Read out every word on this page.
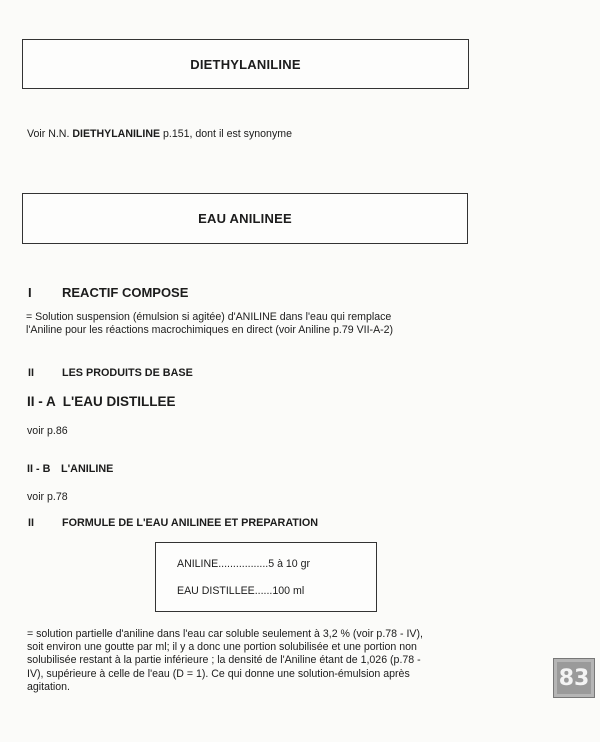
DIETHYLANILINE
Voir N.N. DIETHYLANILINE p.151, dont il est synonyme
EAU ANILINEE
I REACTIF COMPOSE
= Solution suspension (émulsion si agitée) d'ANILINE dans l'eau qui remplace
l'Aniline pour les réactions macrochimiques en direct (voir Aniline p.79 VII-A-2)
II	LES PRODUITS DE BASE
II - A  L'EAU DISTILLEE
voir p.86
II - B L'ANILINE
voir p.78
II	FORMULE DE L'EAU ANILINEE ET PREPARATION
ANILINE.................5 à 10 gr
EAU DISTILLEE......100 ml
= solution partielle d'aniline dans l'eau car soluble seulement à 3,2 % (voir p.78 - IV),
soit environ une goutte par ml; il y a donc une portion solubilisée et une portion non
solubilisée restant à la partie inférieure ; la densité de l'Aniline étant de 1,026 (p.78 -
IV), supérieure à celle de l'eau (D = 1). Ce qui donne une solution-émulsion après
agitation.	83
